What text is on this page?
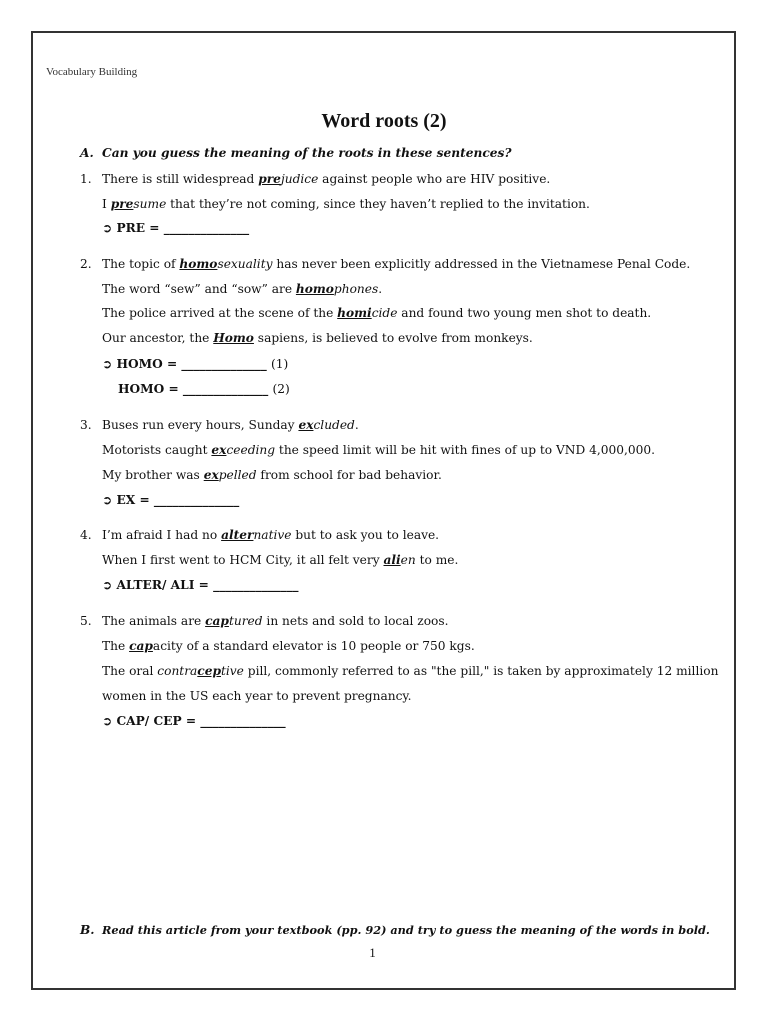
Vocabulary Building
Word roots (2)
A. Can you guess the meaning of the roots in these sentences?
1. There is still widespread prejudice against people who are HIV positive.
I presume that they’re not coming, since they haven’t replied to the invitation.
➲ PRE = ______________
2. The topic of homosexuality has never been explicitly addressed in the Vietnamese Penal Code.
The word “sew” and “sow” are homophones.
The police arrived at the scene of the homicide and found two young men shot to death.
Our ancestor, the Homo sapiens, is believed to evolve from monkeys.
➲ HOMO = ______________ (1)
HOMO = ______________ (2)
3. Buses run every hours, Sunday excluded.
Motorists caught exceeding the speed limit will be hit with fines of up to VND 4,000,000.
My brother was expelled from school for bad behavior.
➲ EX = ______________
4. I’m afraid I had no alternative but to ask you to leave.
When I first went to HCM City, it all felt very alien to me.
➲ ALTER/ ALI = ______________
5. The animals are captured in nets and sold to local zoos.
The capacity of a standard elevator is 10 people or 750 kgs.
The oral contraceptive pill, commonly referred to as "the pill," is taken by approximately 12 million
women in the US each year to prevent pregnancy.
➲ CAP/ CEP = ______________
B. Read this article from your textbook (pp. 92) and try to guess the meaning of the words in bold.
1
